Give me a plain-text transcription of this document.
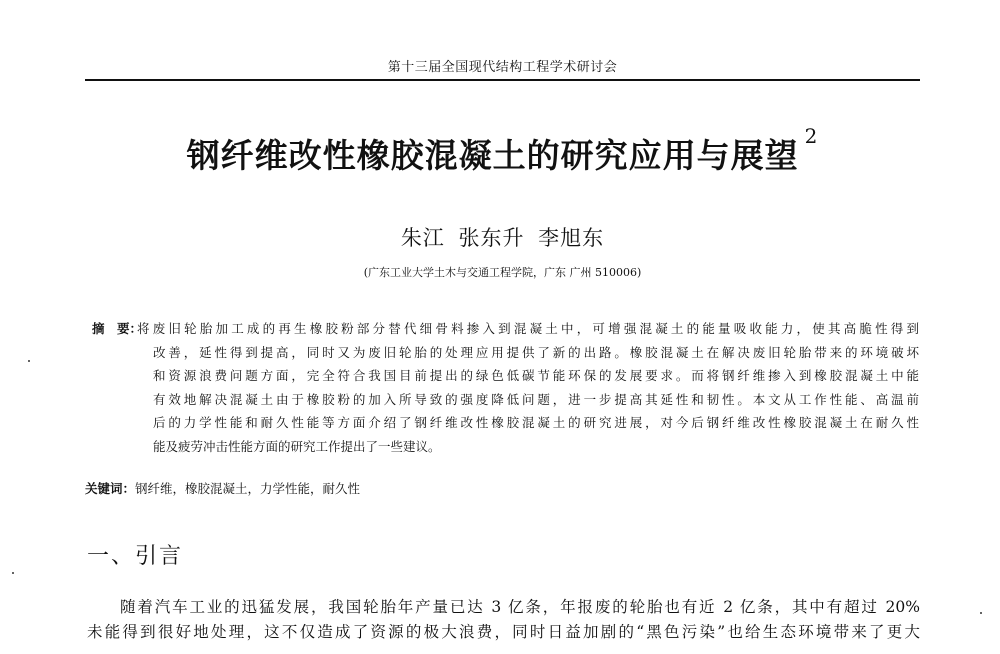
第十三届全国现代结构工程学术研讨会
钢纤维改性橡胶混凝土的研究应用与展望 $^2$
朱江 张东升 李旭东
(广东工业大学土木与交通工程学院，广东 广州 510006)
摘　要：
将废旧轮胎加工成的再生橡胶粉部分替代细骨料掺入到混凝土中，可增强混凝土的能量吸收能力，使其高脆性得到
改善，延性得到提高，同时又为废旧轮胎的处理应用提供了新的出路。橡胶混凝土在解决废旧轮胎带来的环境破坏
和资源浪费问题方面，完全符合我国目前提出的绿色低碳节能环保的发展要求。而将钢纤维掺入到橡胶混凝土中能
有效地解决混凝土由于橡胶粉的加入所导致的强度降低问题，进一步提高其延性和韧性。本文从工作性能、高温前
后的力学性能和耐久性能等方面介绍了钢纤维改性橡胶混凝土的研究进展，对今后钢纤维改性橡胶混凝土在耐久性
能及疲劳冲击性能方面的研究工作提出了一些建议。
关键词：钢纤维，橡胶混凝土，力学性能，耐久性
一、引言
随着汽车工业的迅猛发展，我国轮胎年产量已达 3 亿条，年报废的轮胎也有近 2 亿条，其中有超过 20%
未能得到很好地处理，这不仅造成了资源的极大浪费，同时日益加剧的“黑色污染”也给生态环境带来了更大
